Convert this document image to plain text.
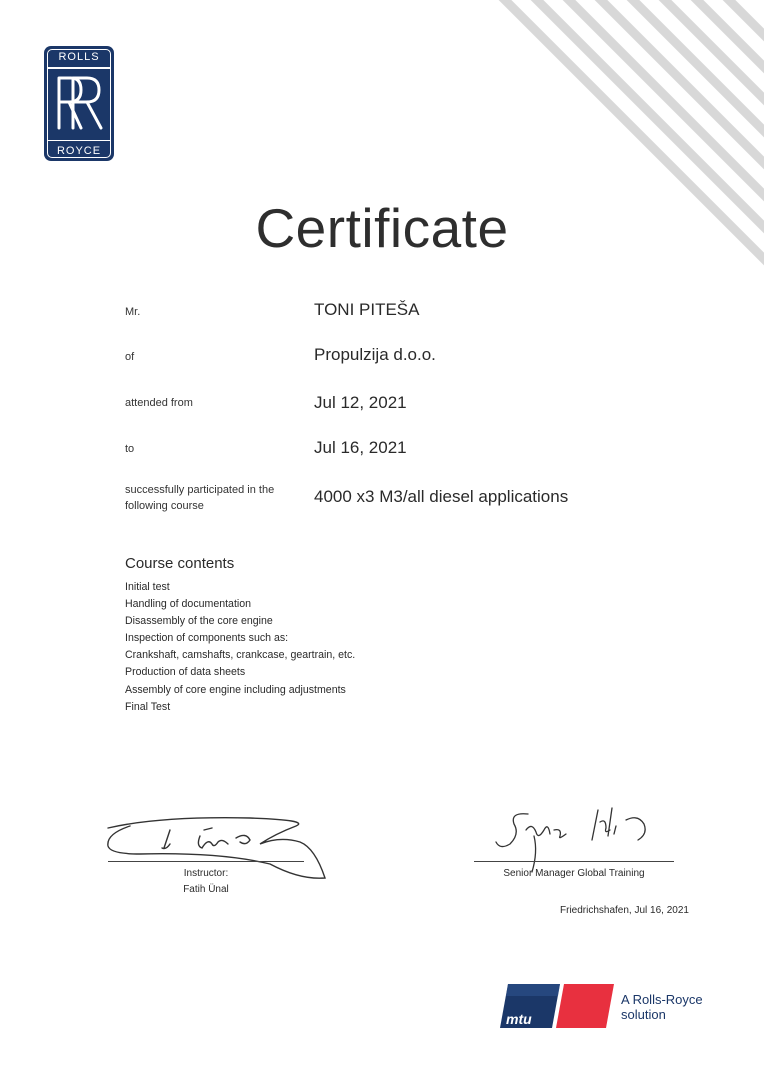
ROLLS
ROYCE
Certificate
Mr.	TONI PITEŠA
of	Propulzija d.o.o.
attended from	Jul 12, 2021
to	Jul 16, 2021
successfully participated in the
following course	4000 x3 M3/all diesel applications
Course contents
Initial test
Handling of documentation
Disassembly of the core engine
Inspection of components such as:
Crankshaft, camshafts, crankcase, geartrain, etc.
Production of data sheets
Assembly of core engine including adjustments
Final Test
Instructor:
Fatih Ünal
Senior Manager Global Training
Friedrichshafen, Jul 16, 2021
mtu
A Rolls-Royce
solution
